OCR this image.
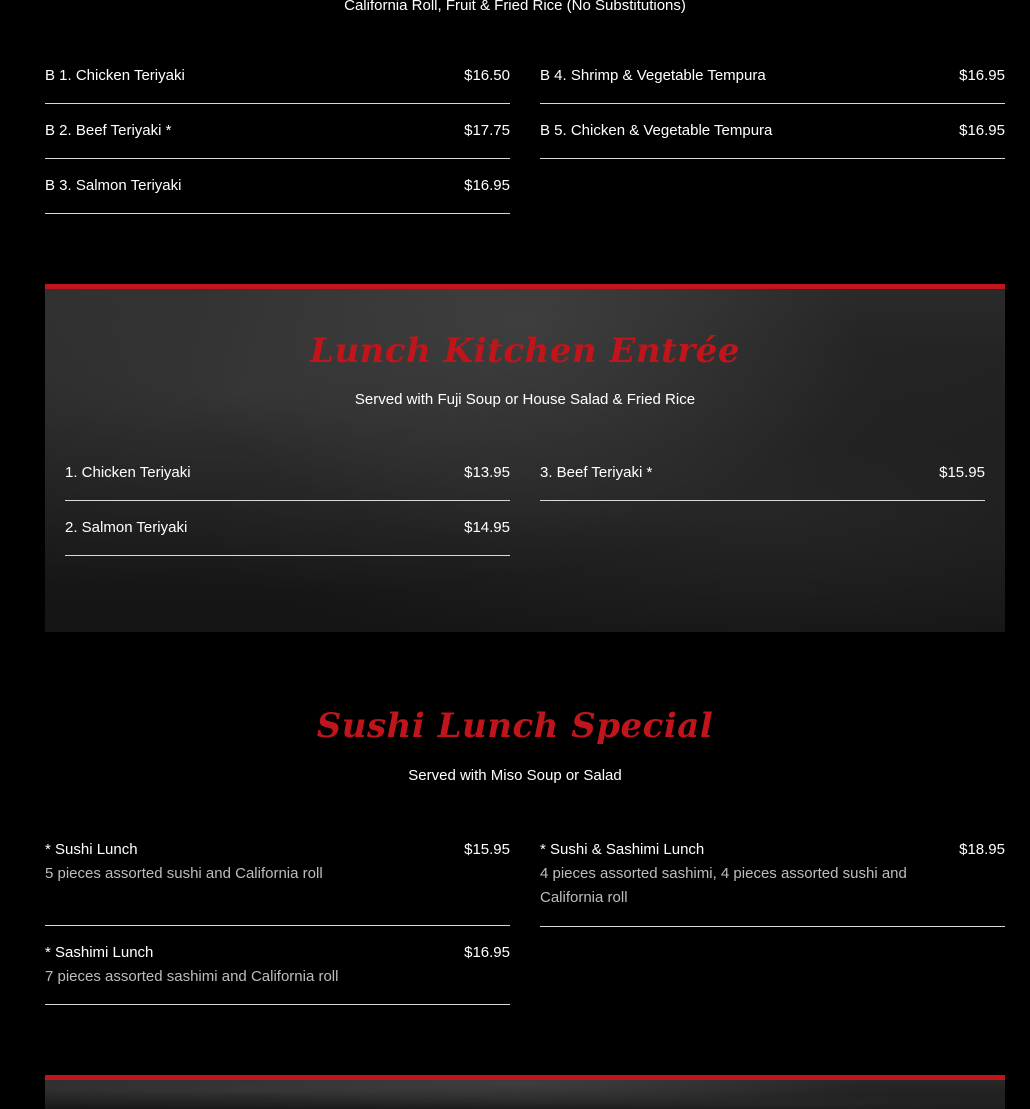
California Roll, Fruit & Fried Rice (No Substitutions)
B 1. Chicken Teriyaki	$16.50
B 2. Beef Teriyaki *	$17.75
B 3. Salmon Teriyaki	$16.95
B 4. Shrimp & Vegetable Tempura	$16.95
B 5. Chicken & Vegetable Tempura	$16.95
Lunch Kitchen Entrée
Served with Fuji Soup or House Salad & Fried Rice
1. Chicken Teriyaki	$13.95
2. Salmon Teriyaki	$14.95
3. Beef Teriyaki *	$15.95
Sushi Lunch Special
Served with Miso Soup or Salad
* Sushi Lunch	$15.95
5 pieces assorted sushi and California roll
* Sashimi Lunch	$16.95
7 pieces assorted sashimi and California roll
* Sushi & Sashimi Lunch	$18.95
4 pieces assorted sashimi, 4 pieces assorted sushi and California roll
